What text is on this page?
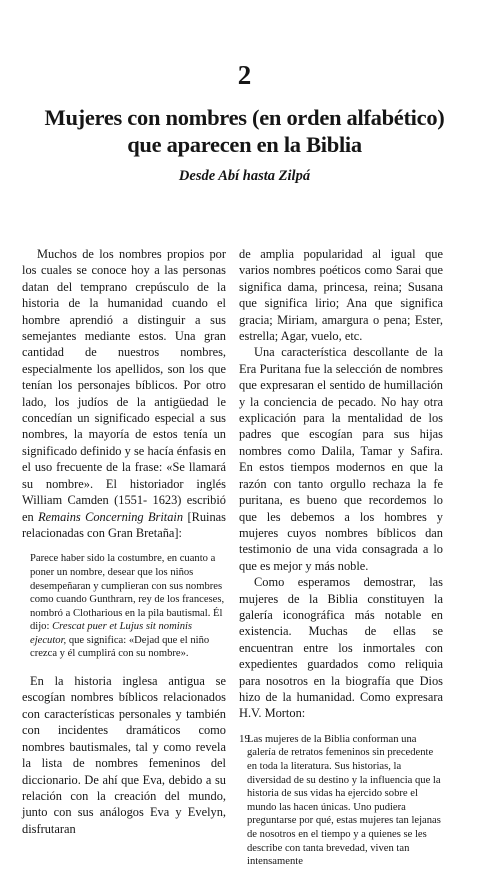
2
Mujeres con nombres (en orden alfabético)
que aparecen en la Biblia
Desde Abí hasta Zilpá

Muchos de los nombres propios por los cuales se conoce hoy a las personas datan del temprano crepúsculo de la historia de la humanidad cuando el hombre aprendió a distinguir a sus semejantes mediante estos. Una gran cantidad de nuestros nombres, especialmente los apellidos, son los que tenían los personajes bíblicos. Por otro lado, los judíos de la antigüedad le concedían un significado especial a sus nombres, la mayoría de estos tenía un significado definido y se hacía énfasis en el uso frecuente de la frase: «Se llamará su nombre». El historiador inglés William Camden (1551- 1623) escribió en Remains Concerning Britain [Ruinas relacionadas con Gran Bretaña]:

Parece haber sido la costumbre, en cuanto a poner un nombre, desear que los niños desempeñaran y cumplieran con sus nombres como cuando Gunthrarn, rey de los franceses, nombró a Clotharious en la pila bautismal. Él dijo: Crescat puer et Lujus sit nominis ejecutor, que significa: «Dejad que el niño crezca y él cumplirá con su nombre».

En la historia inglesa antigua se escogían nombres bíblicos relacionados con características personales y también con incidentes dramáticos como nombres bautismales, tal y como revela la lista de nombres femeninos del diccionario. De ahí que Eva, debido a su relación con la creación del mundo, junto con sus análogos Eva y Evelyn, disfrutaran

de amplia popularidad al igual que varios nombres poéticos como Sarai que significa dama, princesa, reina; Susana que significa lirio; Ana que significa gracia; Miriam, amargura o pena; Ester, estrella; Agar, vuelo, etc.

Una característica descollante de la Era Puritana fue la selección de nombres que expresaran el sentido de humillación y la conciencia de pecado. No hay otra explicación para la mentalidad de los padres que escogían para sus hijas nombres como Dalila, Tamar y Safira. En estos tiempos modernos en que la razón con tanto orgullo rechaza la fe puritana, es bueno que recordemos lo que les debemos a los hombres y mujeres cuyos nombres bíblicos dan testimonio de una vida consagrada a lo que es mejor y más noble.

Como esperamos demostrar, las mujeres de la Biblia constituyen la galería iconográfica más notable en existencia. Muchas de ellas se encuentran entre los inmortales con expedientes guardados como reliquia para nosotros en la biografía que Dios hizo de la humanidad. Como expresara H.V. Morton:

Las mujeres de la Biblia conforman una galería de retratos femeninos sin precedente en toda la literatura. Sus historias, la diversidad de su destino y la influencia que la historia de sus vidas ha ejercido sobre el mundo las hacen únicas. Uno pudiera preguntarse por qué, estas mujeres tan lejanas de nosotros en el tiempo y a quienes se les describe con tanta brevedad, viven tan intensamente

19
